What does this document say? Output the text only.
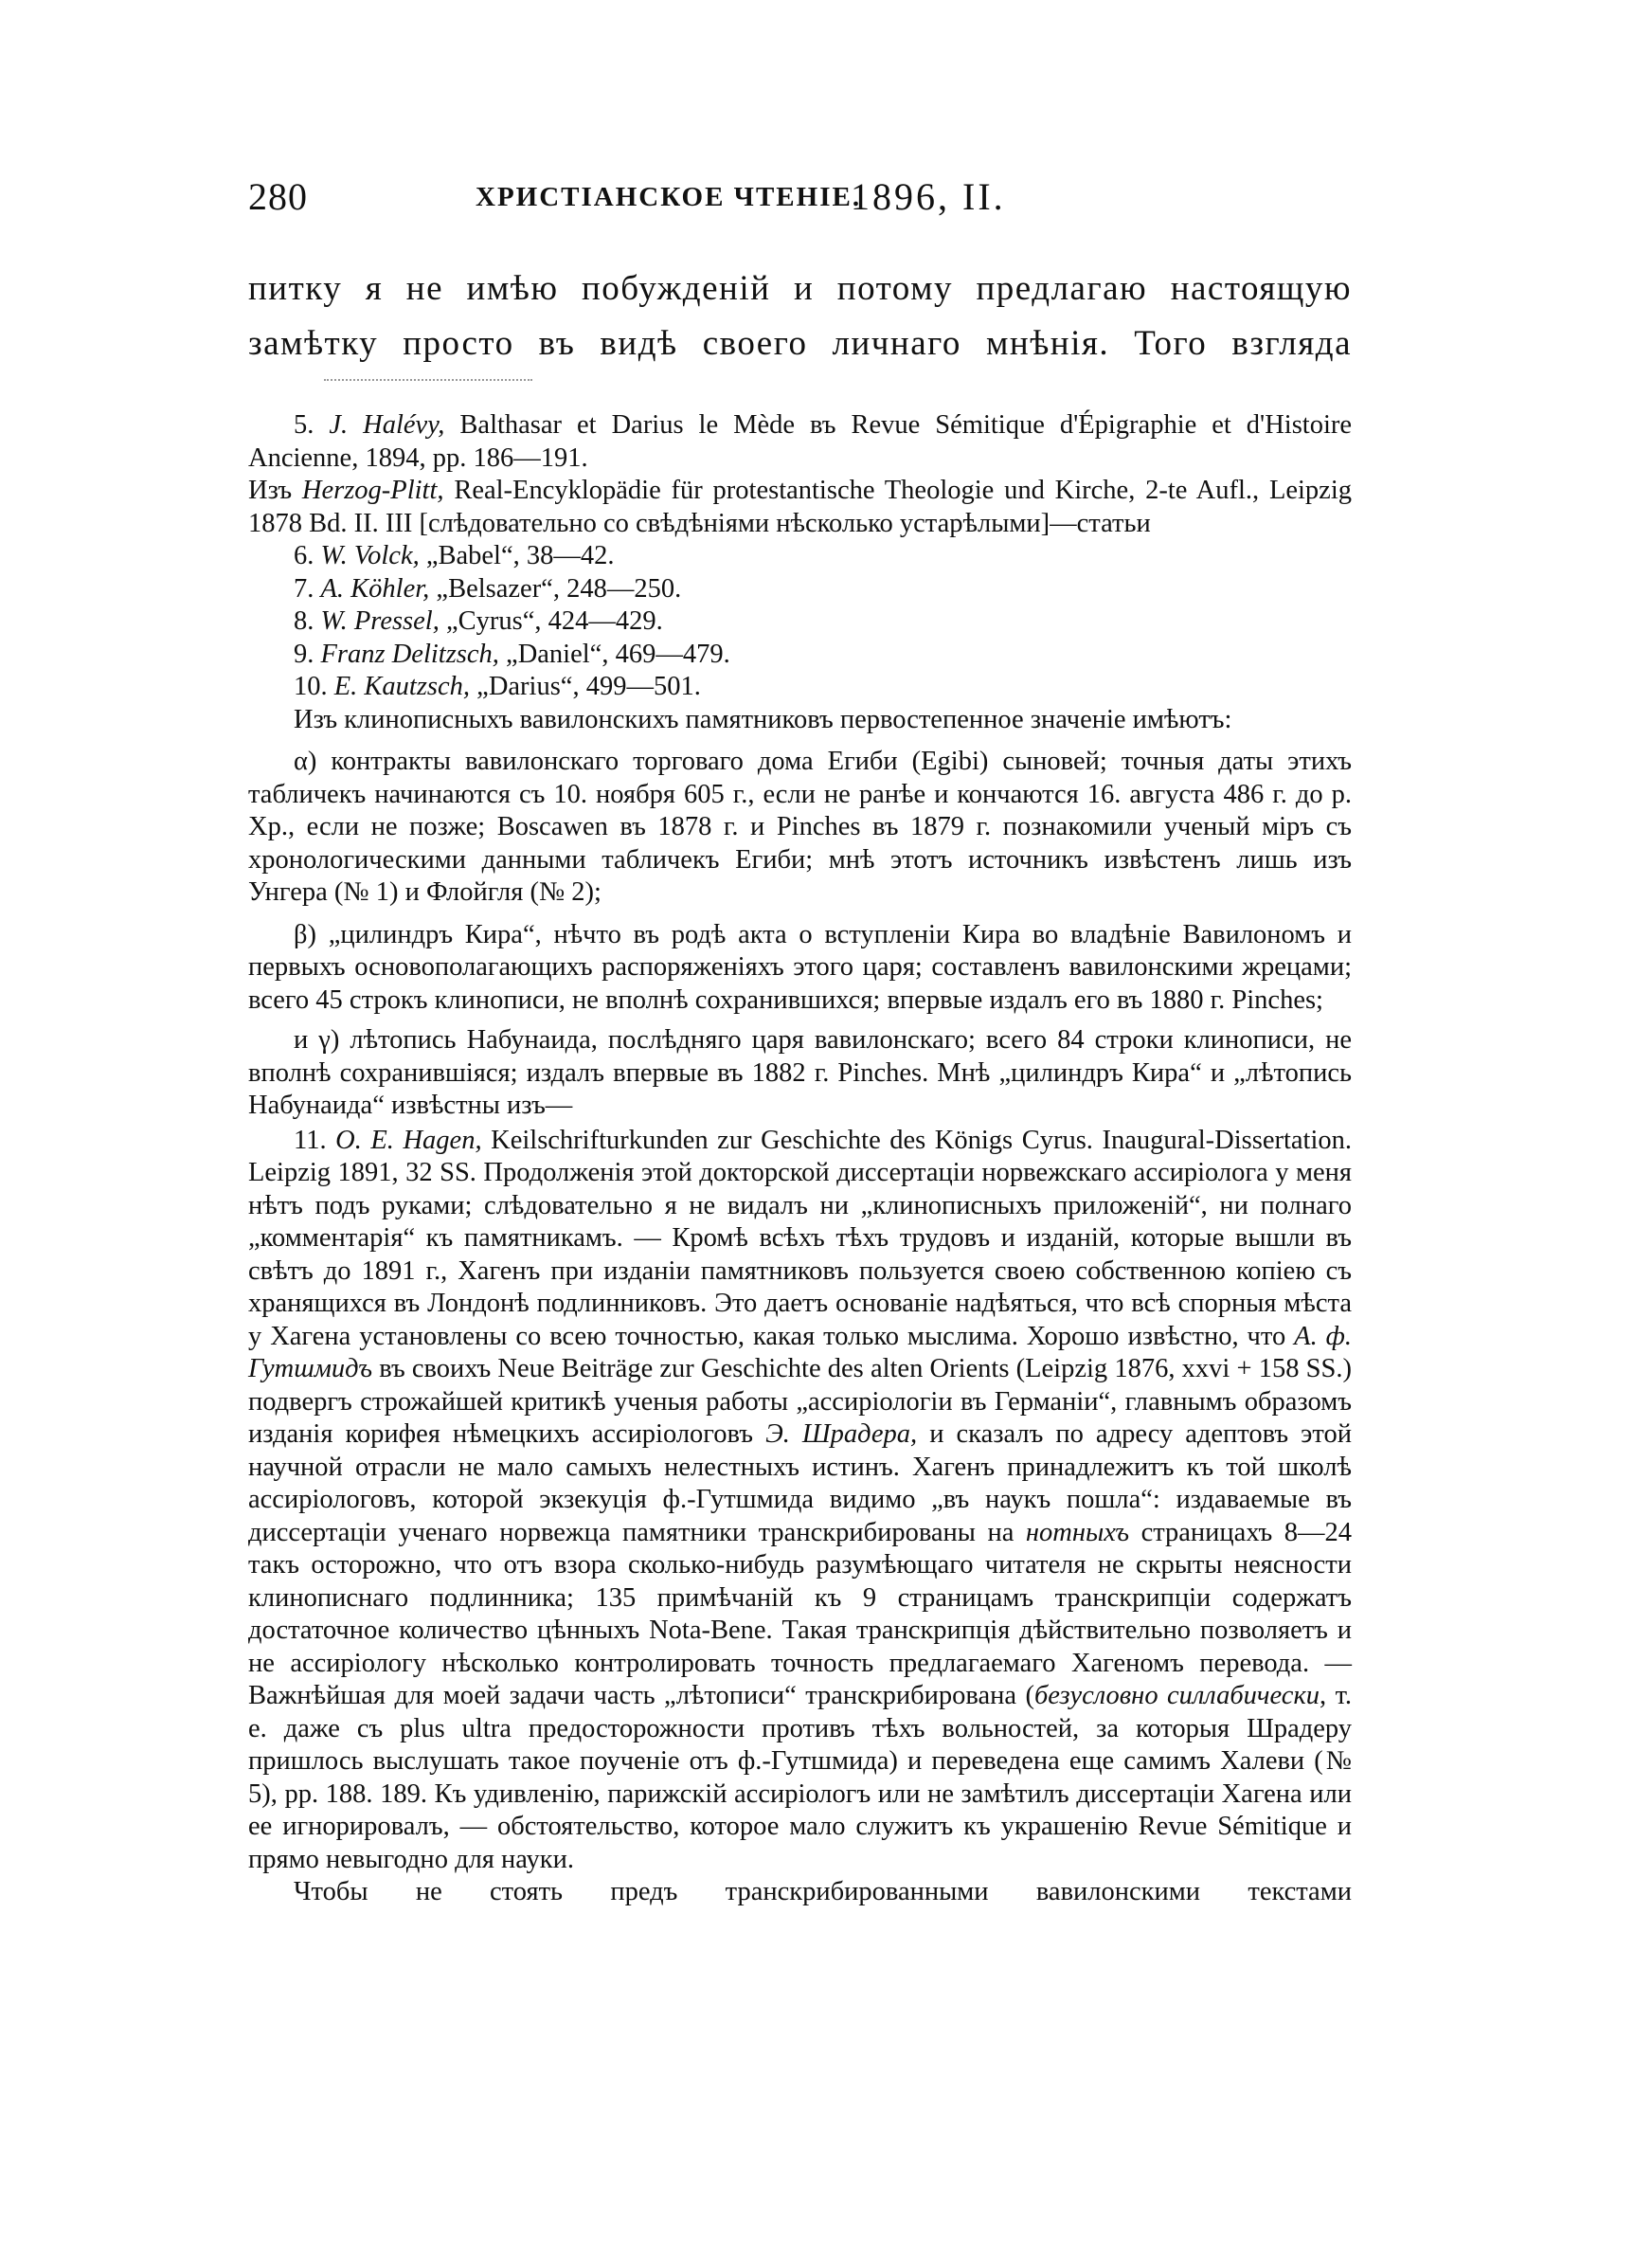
280	ХРИСТІАНСКОЕ ЧТЕНІЕ.
1896, II.
питку я не имѣю побужденій и потому предлагаю настоящую
замѣтку просто въ видѣ своего личнаго мнѣнія. Того взгляда

5. J. Halévy, Balthasar et Darius le Mède въ Revue Sémitique d'Épigraphie et d'Histoire Ancienne, 1894, pp. 186—191.

Изъ Herzog-Plitt, Real-Encyklopädie für protestantische Theologie und Kirche, 2-te Aufl., Leipzig 1878 Bd. II. III [слѣдовательно со свѣдѣніями нѣсколько устарѣлыми]—статьи

6. W. Volck, „Babel“, 38—42.

7. A. Köhler, „Belsazer“, 248—250.

8. W. Pressel, „Cyrus“, 424—429.

9. Franz Delitzsch, „Daniel“, 469—479.

10. E. Kautzsch, „Darius“, 499—501.

Изъ клинописныхъ вавилонскихъ памятниковъ первостепенное значеніе имѣютъ:

α) контракты вавилонскаго торговаго дома Егиби (Egibi) сыновей; точныя даты этихъ табличекъ начинаются съ 10. ноября 605 г., если не ранѣе и кончаются 16. августа 486 г. до р. Хр., если не позже; Boscawen въ 1878 г. и Pinches въ 1879 г. познакомили ученый міръ съ хронологическими данными табличекъ Егиби; мнѣ этотъ источникъ извѣстенъ лишь изъ Унгера (№ 1) и Флойгля (№ 2);

β) „цилиндръ Кира“, нѣчто въ родѣ акта о вступленіи Кира во владѣніе Вавилономъ и первыхъ основополагающихъ распоряженіяхъ этого царя; составленъ вавилонскими жрецами; всего 45 строкъ клинописи, не вполнѣ сохранившихся; впервые издалъ его въ 1880 г. Pinches;

и γ) лѣтопись Набунаида, послѣдняго царя вавилонскаго; всего 84 строки клинописи, не вполнѣ сохранившіяся; издалъ впервые въ 1882 г. Pinches. Мнѣ „цилиндръ Кира“ и „лѣтопись Набунаида“ извѣстны изъ—

11. O. E. Hagen, Keilschrifturkunden zur Geschichte des Königs Cyrus. Inaugural-Dissertation. Leipzig 1891, 32 SS. Продолженія этой докторской диссертаціи норвежскаго ассиріолога у меня нѣтъ подъ руками; слѣдовательно я не видалъ ни „клинописныхъ приложеній“, ни полнаго „комментарія“ къ памятникамъ. — Кромѣ всѣхъ тѣхъ трудовъ и изданій, которые вышли въ свѣтъ до 1891 г., Хагенъ при изданіи памятниковъ пользуется своею собственною копіею съ хранящихся въ Лондонѣ подлинниковъ. Это даетъ основаніе надѣяться, что всѣ спорныя мѣста у Хагена установлены со всею точностью, какая только мыслима. Хорошо извѣстно, что А. ф. Гутшмидъ въ своихъ Neue Beiträge zur Geschichte des alten Orients (Leipzig 1876, xxvi + 158 SS.) подвергъ строжайшей критикѣ ученыя работы „ассиріологіи въ Германіи“, главнымъ образомъ изданія корифея нѣмецкихъ ассиріологовъ Э. Шрадера, и сказалъ по адресу адептовъ этой научной отрасли не мало самыхъ нелестныхъ истинъ. Хагенъ принадлежитъ къ той школѣ ассиріологовъ, которой экзекуція ф.-Гутшмида видимо „въ наукъ пошла“: издаваемые въ диссертаціи ученаго норвежца памятники транскрибированы на нотныхъ страницахъ 8—24 такъ осторожно, что отъ взора сколько-нибудь разумѣющаго читателя не скрыты неясности клинописнаго подлинника; 135 примѣчаній къ 9 страницамъ транскрипціи содержатъ достаточное количество цѣнныхъ Nota-Bene. Такая транскрипція дѣйствительно позволяетъ и не ассиріологу нѣсколько контролировать точность предлагаемаго Хагеномъ перевода. — Важнѣйшая для моей задачи часть „лѣтописи“ транскрибирована (безусловно силлабически, т. е. даже съ plus ultra предосторожности противъ тѣхъ вольностей, за которыя Шрадеру пришлось выслушать такое поученіе отъ ф.-Гутшмида) и переведена еще самимъ Халеви (№ 5), pp. 188. 189. Къ удивленію, парижскій ассиріологъ или не замѣтилъ диссертаціи Хагена или ее игнорировалъ, — обстоятельство, которое мало служитъ къ украшенію Revue Sémitique и прямо невыгодно для науки.

Чтобы не стоять предъ транскрибированными вавилонскими текстами
